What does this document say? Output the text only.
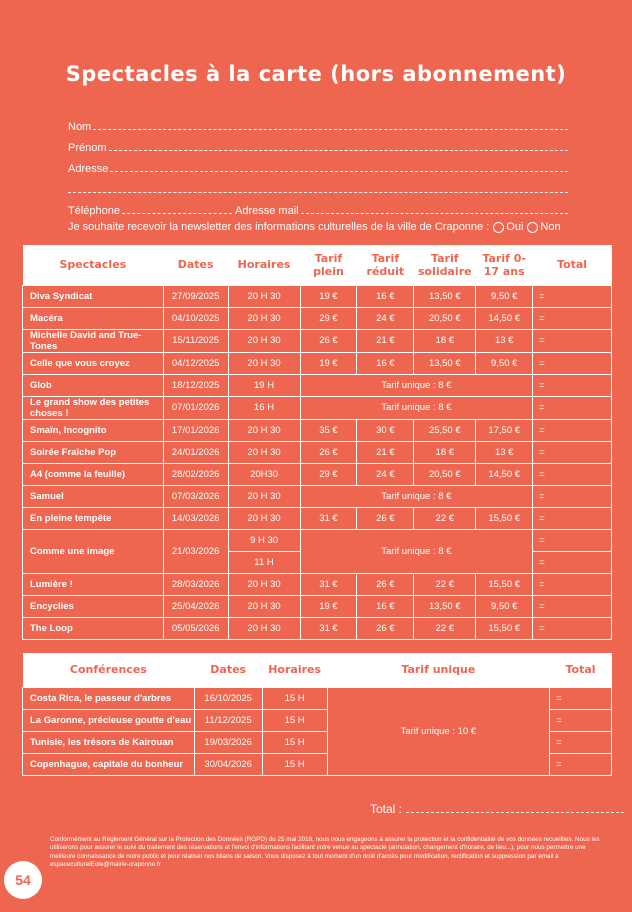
Spectacles à la carte (hors abonnement)
Nom
Prénom
Adresse
Téléphone	Adresse mail
Je souhaite recevoir la newsletter des informations culturelles de la ville de Craponne : Oui Non
Spectacles	Dates	Horaires	Tarif plein	Tarif réduit	Tarif solidaire	Tarif 0-17 ans	Total
Diva Syndicat	27/09/2025	20 H 30	19 €	16 €	13,50 €	9,50 €	=
Macéra	04/10/2025	20 H 30	29 €	24 €	20,50 €	14,50 €	=
Michelle David and True-Tones	15/11/2025	20 H 30	26 €	21 €	18 €	13 €	=
Celle que vous croyez	04/12/2025	20 H 30	19 €	16 €	13,50 €	9,50 €	=
Glob	18/12/2025	19 H	Tarif unique : 8 €				=
Le grand show des petites choses !	07/01/2026	16 H	Tarif unique : 8 €				=
Smaïn, Incognito	17/01/2026	20 H 30	35 €	30 €	25,50 €	17,50 €	=
Soirée Fraîche Pop	24/01/2026	20 H 30	26 €	21 €	18 €	13 €	=
A4 (comme la feuille)	28/02/2026	20H30	29 €	24 €	20,50 €	14,50 €	=
Samuel	07/03/2026	20 H 30	Tarif unique : 8 €				=
En pleine tempête	14/03/2026	20 H 30	31 €	26 €	22 €	15,50 €	=
Comme une image	21/03/2026	9 H 30	Tarif unique : 8 €				=
		11 H					=
Lumière !	28/03/2026	20 H 30	31 €	26 €	22 €	15,50 €	=
Encyclies	25/04/2026	20 H 30	19 €	16 €	13,50 €	9,50 €	=
The Loop	05/05/2026	20 H 30	31 €	26 €	22 €	15,50 €	=
Conférences	Dates	Horaires	Tarif unique	Total
Costa Rica, le passeur d'arbres	16/10/2025	15 H	Tarif unique : 10 €	=
La Garonne, précieuse goutte d'eau	11/12/2025	15 H		=
Tunisie, les trésors de Kairouan	19/03/2026	15 H		=
Copenhague, capitale du bonheur	30/04/2026	15 H		=
Total :
Conformément au Règlement Général sur la Protection des Données (RGPD) du 25 mai 2018, nous nous engageons à assurer la protection et la confidentialité de vos données recueillies. Nous les utiliserons pour assurer le suivi du traitement des réservations et l'envoi d'informations facilitant votre venue au spectacle (annulation, changement d'horaire, de lieu...), pour nous permettre une meilleure connaissance de notre public et pour réaliser nos bilans de saison. Vous disposez à tout moment d'un droit d'accès pour modification, rectification et suppression par email à espaceculturelEole@mairie-craponne.fr
54
